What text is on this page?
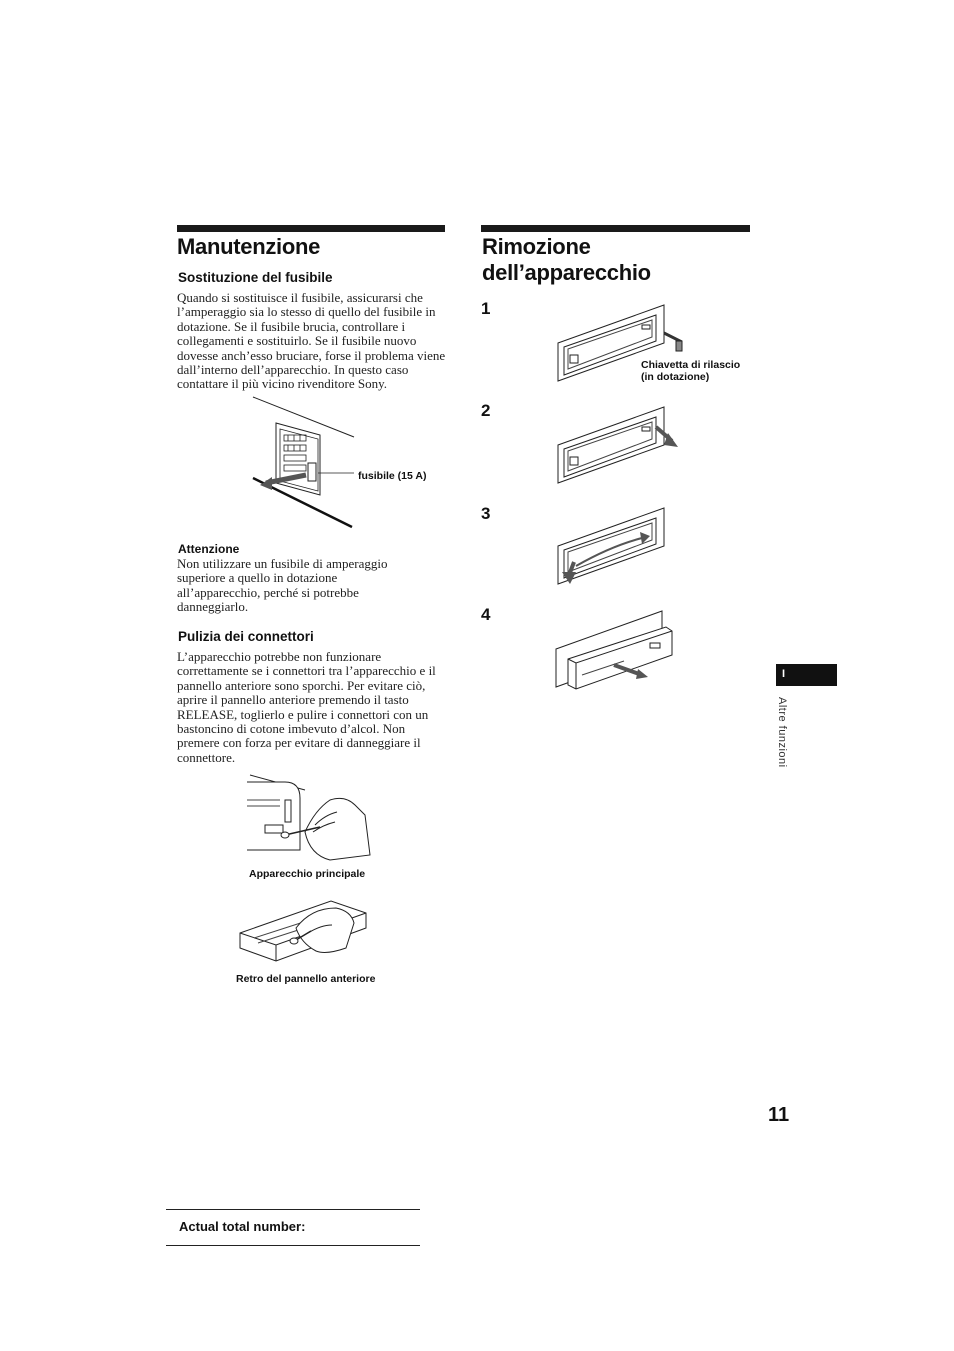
Manutenzione
Sostituzione del fusibile
Quando si sostituisce il fusibile, assicurarsi che l’amperaggio sia lo stesso di quello del fusibile in dotazione. Se il fusibile brucia, controllare i collegamenti e sostituirlo. Se il fusibile nuovo dovesse anch’esso bruciare, forse il problema viene dall’interno dell’apparecchio. In questo caso contattare il più vicino rivenditore Sony.
fusibile (15 A)
Attenzione
Non utilizzare un fusibile di amperaggio superiore a quello in dotazione all’apparecchio, perché si potrebbe danneggiarlo.
Pulizia dei connettori
L’apparecchio potrebbe non funzionare correttamente se i connettori tra l’apparecchio e il pannello anteriore sono sporchi. Per evitare ciò, aprire il pannello anteriore premendo il tasto RELEASE, toglierlo e pulire i connettori con un bastoncino di cotone imbevuto d’alcol. Non premere con forza per evitare di danneggiare il connettore.
Apparecchio principale
Retro del pannello anteriore
Rimozione
dell’apparecchio
1
Chiavetta di rilascio
(in dotazione)
2
3
4
I
Altre funzioni
11
Actual total number:
